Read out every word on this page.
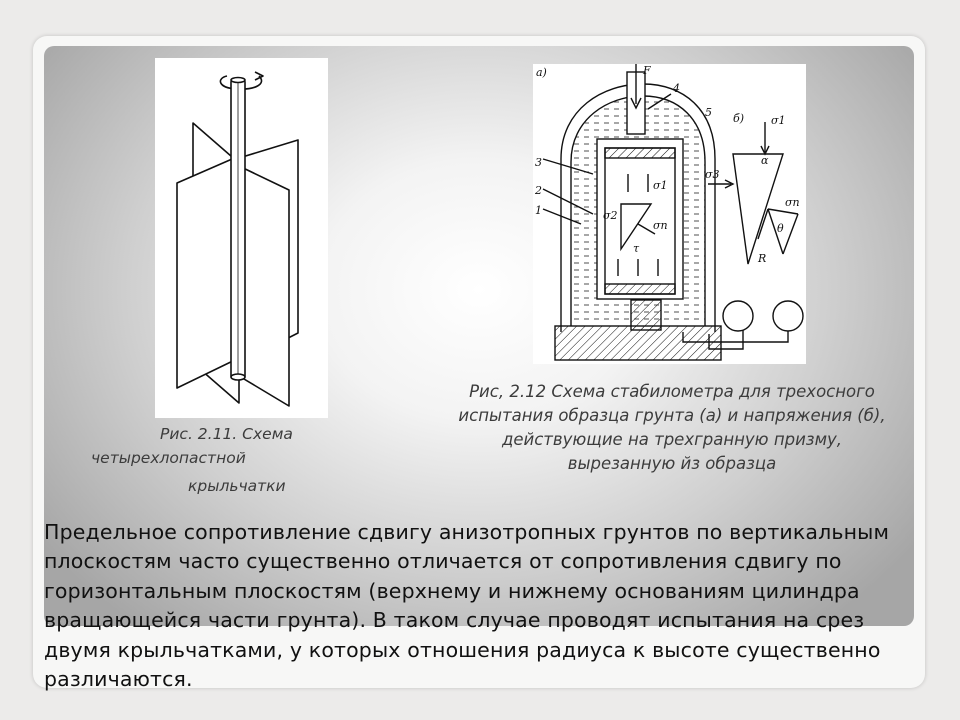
а)	F
4
5
3
2
1
б) σ1
σ3
α
σn
θ
R
σ1
σ2
σn
τ
Рис. 2.11. Схема
четырехлопастной
крыльчатки
Рис, 2.12 Схема стабилометра для трехосного испытания образца грунта (а) и напряжения (б), действующие на трехгранную призму, вырезанную йз образца

Предельное сопротивление сдвигу анизотропных грунтов по вертикальным плоскостям часто существенно отличается от сопротивления сдвигу по горизонтальным плоскостям (верхнему и нижнему основаниям цилиндра вращающейся части грунта). В таком случае проводят испытания на срез двумя крыльчатками, у которых отношения радиуса к высоте существенно различаются.
